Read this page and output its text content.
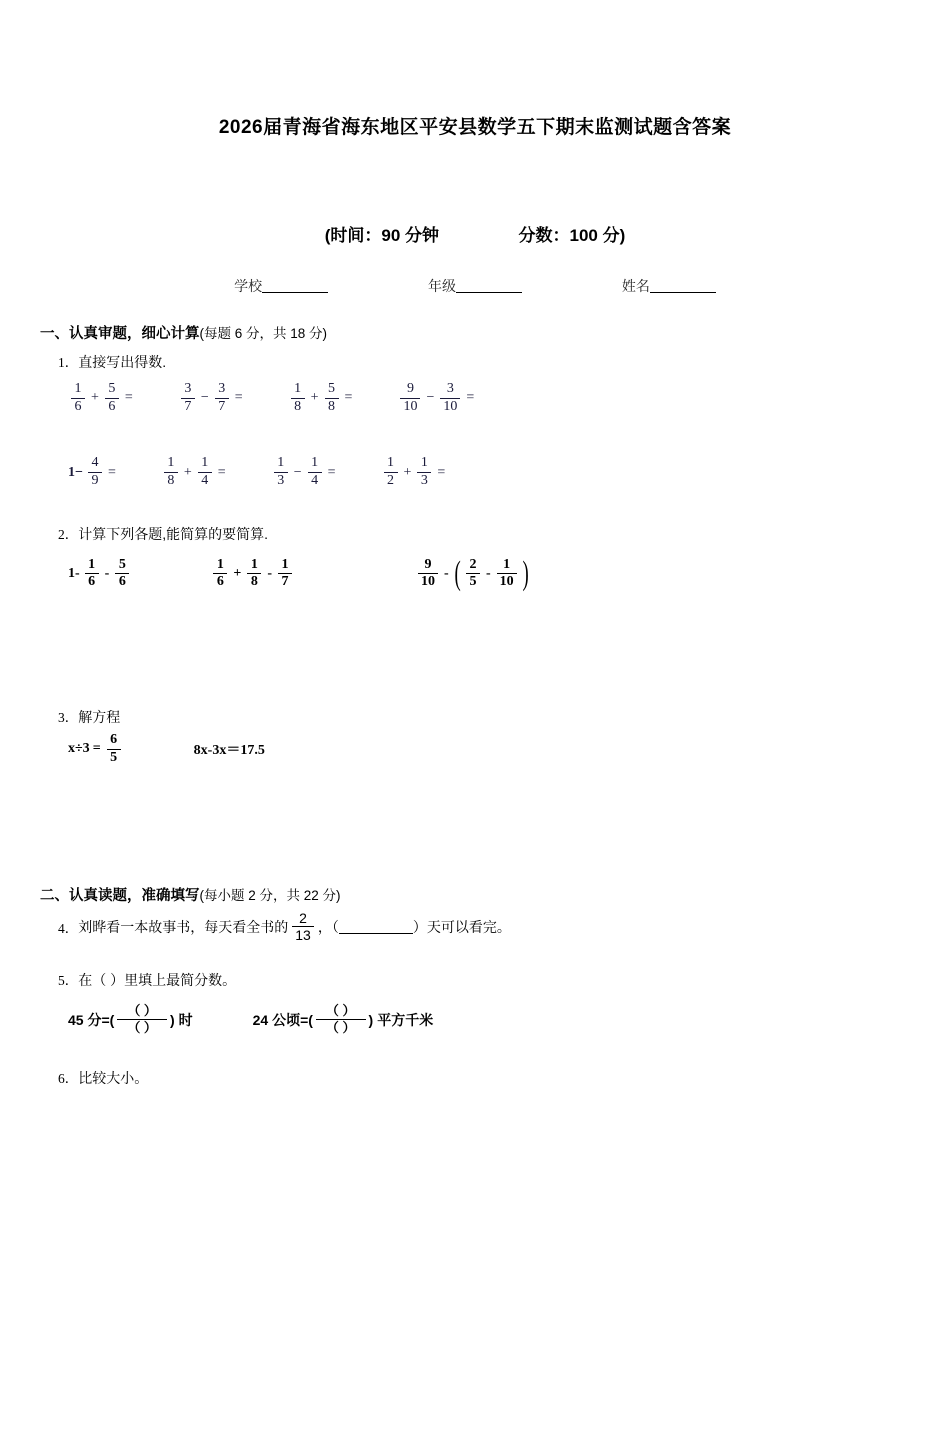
2026届青海省海东地区平安县数学五下期末监测试题含答案
(时间：90 分钟	分数：100 分)
学校	年级	姓名
一、认真审题，细心计算(每题 6 分，共 18 分)
1．直接写出得数.
$\frac{1}{6} + \frac{5}{6}$ =	$\frac{3}{7} - \frac{3}{7}$ =	$\frac{1}{8} + \frac{5}{8}$ =	$\frac{9}{10} - \frac{3}{10}$ =
$1- \frac{4}{9}$ =	$\frac{1}{8} + \frac{1}{4}$ =	$\frac{1}{3} - \frac{1}{4}$ =	$\frac{1}{2} + \frac{1}{3}$ =
2．计算下列各题,能简算的要简算.
$1- \frac{1}{6} - \frac{5}{6}$	$\frac{1}{6} + \frac{1}{8} - \frac{1}{7}$	$\frac{9}{10}$ - ( $\frac{2}{5} - \frac{1}{10}$ )
3．解方程
$x\div 3 = \frac{6}{5}$	8x‑3x＝17.5
二、认真读题，准确填写(每小题 2 分，共 22 分)
4． 刘晔看一本故事书，每天看全书的 $\frac{2}{13}$ ，（	）天可以看完。
5．在（ ）里填上最简分数。
45 分= ( $\frac{( )}{( )}$ ) 时	24 公顷= ( $\frac{( )}{( )}$ ) 平方千米
6．比较大小。
